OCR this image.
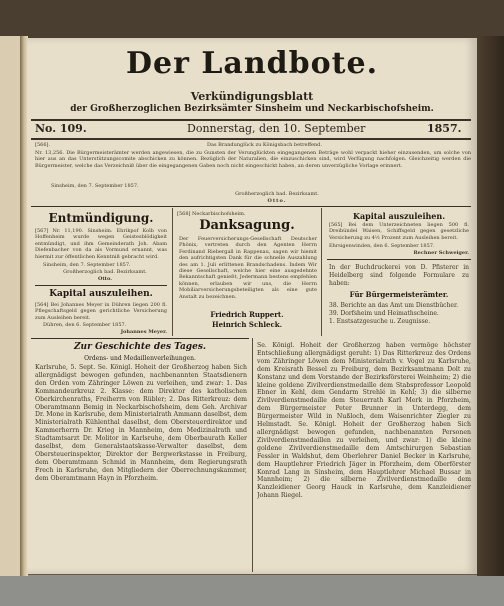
Der Landbote.
Verkündigungsblatt
der Großherzoglichen Bezirksämter Sinsheim und Neckarbischofsheim.
No. 109.	Donnerstag, den 10. September	1857.
[566].	Das Brandunglück zu Königsbach betreffend.
Nr. 13,256. Die Bürgermeisterämter werden angewiesen, die zu Gunsten der Verunglückten eingegangenen Beträge wohl verpackt hieher einzusenden, um solche von hier aus an das Unterstützungscomite abschicken zu können. Bezüglich der Naturalien, die einzuschicken sind, wird Verfügung nachfolgen. Gleichzeitig werden die Bürgermeister, welche das Verzeichniß über die eingegangenen Gaben noch nicht eingeschickt haben, an deren unverzügliche Vorlage erinnert.
Sinsheim, den 7. September 1857.
Großherzoglich bad. Bezirksamt.
Otto.
Entmündigung.
[567] Nr. 11,190. Sinsheim. Ehrikpof Kolb von Hoffenheim wurde wegen Geistesblödigkeit entmündigt, und ihm Gemeinderath Joh. Abam Diefenbacher von da als Vormund ernannt, was hiermit zur öffentlichen Kenntniß gebracht wird.
Sinsheim, den 7. September 1857.
Großherzoglich bad. Bezirksamt.
Otto.
Kapital auszuleihen.
[564] Bei Johannes Meyer in Dühren liegen 200 fl. Pflegschaftsgeld gegen gerichtliche Versicherung zum Ausleihen bereit.
Dühren, den 6. September 1857.
Johannes Meyer.
[568] Neckarbischofsheim.
Danksagung.
Der Feuerversicherungs-Gesellschaft Deutscher Phönix, vertreten durch den Agenten Herrn Ferdinand Riebergall in Rappenau, sagen wir hiemit den aufrichtigsten Dank für die schnelle Auszahlung des am 1. Juli erlittenen Brandschadens. Indem Wir diese Gesellschaft, welche hier eine ausgedehnte Bekanntschaft genießt, Jedermann bestens empfehlen können, erlauben wir uns, die Herrn Mobiliarversicherungsbeteiligten als eine gute Anstalt zu bezeichnen.
Friedrich Ruppert.
Heinrich Schleck.
Kapital auszuleihen.
[565] Bei dem Unterzeichneten liegen 500 fl. Dreibündel Waisen, Schiffsgeld gegen gesetzliche Versicherung zu 4½ Prozent zum Ausleihen bereit.
Ehrsigenwinden, den 6. September 1857.
Rechner Schweiger.
In der Buchdruckerei von D. Pfisterer in Heidelberg sind folgende Formulare zu haben:
Für Bürgermeisterämter.
38. Berichte an das Amt um Dienstbücher.
39. Dorfsheim und Heimathscheine.
1. Enstsatzgesuche u. Zeugnisse.
Zur Geschichte des Tages.
Ordens- und Medaillenverleihungen.
Karlsruhe, 5. Sept. Se. Königl. Hoheit der Großherzog haben Sich allergnädigst bewogen gefunden, nachbenannten Staatsdienern den Orden vom Zähringer Löwen zu verleihen, und zwar: 1. Das Kommandeurkreuz 2. Klasse: dem Direktor des katholischen Oberkirchenraths, Freiherrn von Rübler; 2. Das Ritterkreuz: dem Oberamtmann Bemig in Neckarbischofsheim, dem Geh. Archivar Dr. Mone in Karlsruhe, dem Ministerialrath Ammann daselbst, dem Ministerialrath Kühlenthal daselbst, dem Obersteuerdirektor und Kammerherrn Dr. Krieg in Mannheim, dem Medizinalrath und Stadtamtsarzt Dr. Molitor in Karlsruhe, dem Oberbaurath Keller daselbst, dem Generalstaatskasse-Verwalter daselbst, dem Obersteuerinspektor, Direktor der Bergwerkstasse in Freiburg, dem Oberamtmann Schmid in Mannheim, dem Regierungsrath Frech in Karlsruhe, den Mitgliedern der Oberrechnungskammer, dem Oberamtmann Hayn in Pforzheim.
Se. Königl. Hoheit der Großherzog haben vermöge höchster Entschließung allergnädigst geruht: 1) Das Ritterkreuz des Ordens vom Zähringer Löwen dem Ministerialrath v. Vogel zu Karlsruhe, dem Kreisrath Bessel zu Freiburg, dem Bezirksamtmann Dolt zu Konstanz und dem Vorstande der Bezirksförsterei Weinheim; 2) die kleine goldene Zivilverdienstmedaille dem Stabsprofessor Leopold Ebner in Kehl, dem Gendarm Strehlé in Kehl; 3) die silberne Zivilverdienstmedaille dem Steuerrath Karl Merk in Pforzheim, dem Bürgermeister Peter Brunner in Unterdegg, dem Bürgermeister Wild in Nußloch, dem Waisenrichter Ziegler zu Helmstadt. Se. Königl. Hoheit der Großherzog haben Sich allergnädigst bewogen gefunden, nachbenannten Personen Zivilverdienstmedaillen zu verleihen, und zwar: 1) die kleine goldene Zivilverdienstmedaille dem Amtschirurgen Sebastian Fessler in Waldshut, dem Oberlehrer Daniel Becker in Karlsruhe, dem Hauptlehrer Friedrich Jäger in Pforzheim, dem Oberförster Konrad Lang in Sinsheim, dem Hauptlehrer Michael Bussar in Mannheim; 2) die silberne Zivilverdienstmedaille dem Kanzleidiener Georg Hauck in Karlsruhe, dem Kanzleidiener Johann Riegel.
